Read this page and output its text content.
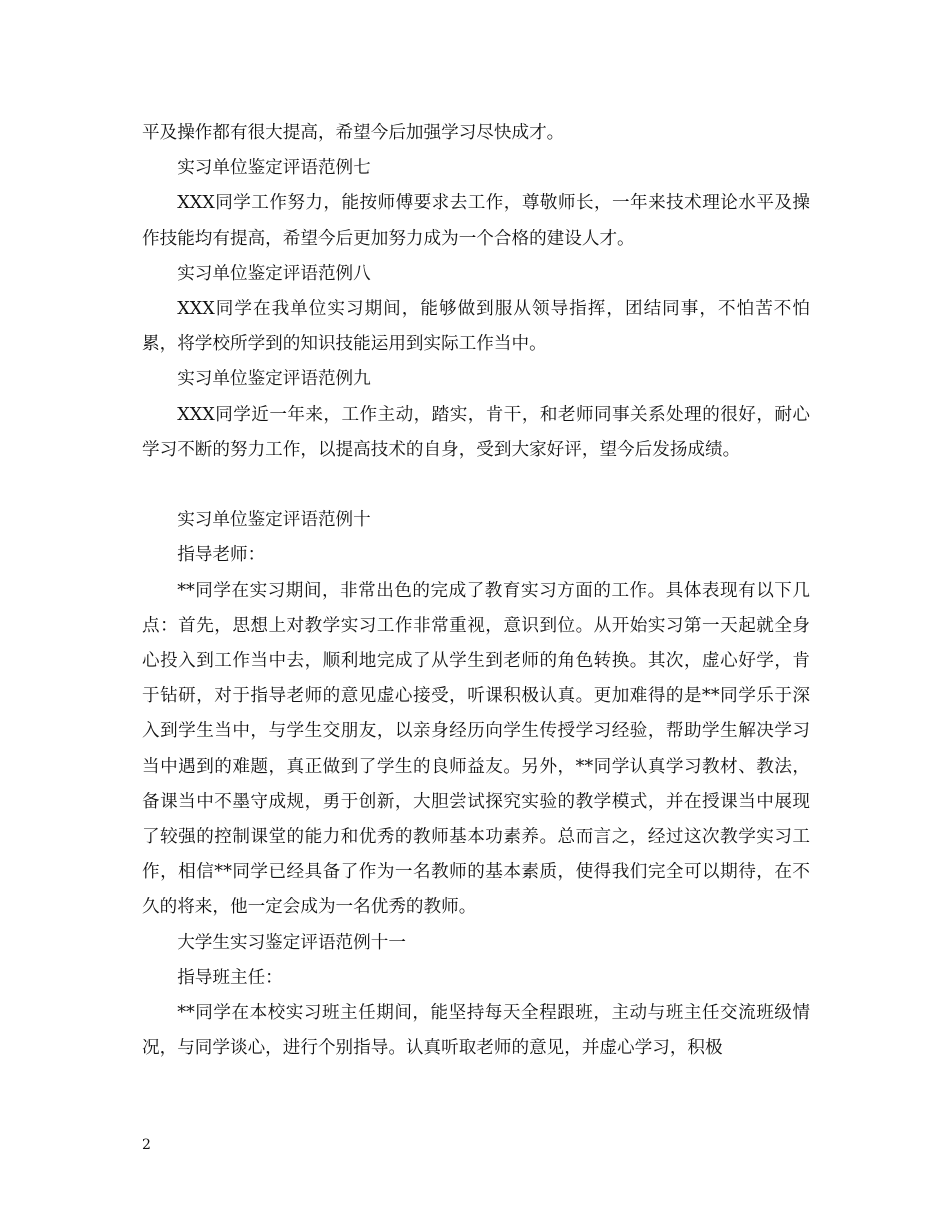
平及操作都有很大提高，希望今后加强学习尽快成才。

实习单位鉴定评语范例七

XXX同学工作努力，能按师傅要求去工作，尊敬师长，一年来技术理论水平及操作技能均有提高，希望今后更加努力成为一个合格的建设人才。

实习单位鉴定评语范例八

XXX同学在我单位实习期间，能够做到服从领导指挥，团结同事，不怕苦不怕累，将学校所学到的知识技能运用到实际工作当中。

实习单位鉴定评语范例九

XXX同学近一年来，工作主动，踏实，肯干，和老师同事关系处理的很好，耐心学习不断的努力工作，以提高技术的自身，受到大家好评，望今后发扬成绩。

实习单位鉴定评语范例十

指导老师：

**同学在实习期间，非常出色的完成了教育实习方面的工作。具体表现有以下几点：首先，思想上对教学实习工作非常重视，意识到位。从开始实习第一天起就全身心投入到工作当中去，顺利地完成了从学生到老师的角色转换。其次，虚心好学，肯于钻研，对于指导老师的意见虚心接受，听课积极认真。更加难得的是**同学乐于深入到学生当中，与学生交朋友，以亲身经历向学生传授学习经验，帮助学生解决学习当中遇到的难题，真正做到了学生的良师益友。另外，**同学认真学习教材、教法，备课当中不墨守成规，勇于创新，大胆尝试探究实验的教学模式，并在授课当中展现了较强的控制课堂的能力和优秀的教师基本功素养。总而言之，经过这次教学实习工作，相信**同学已经具备了作为一名教师的基本素质，使得我们完全可以期待，在不久的将来，他一定会成为一名优秀的教师。

大学生实习鉴定评语范例十一

指导班主任：

**同学在本校实习班主任期间，能坚持每天全程跟班，主动与班主任交流班级情况，与同学谈心，进行个别指导。认真听取老师的意见，并虚心学习，积极

2
